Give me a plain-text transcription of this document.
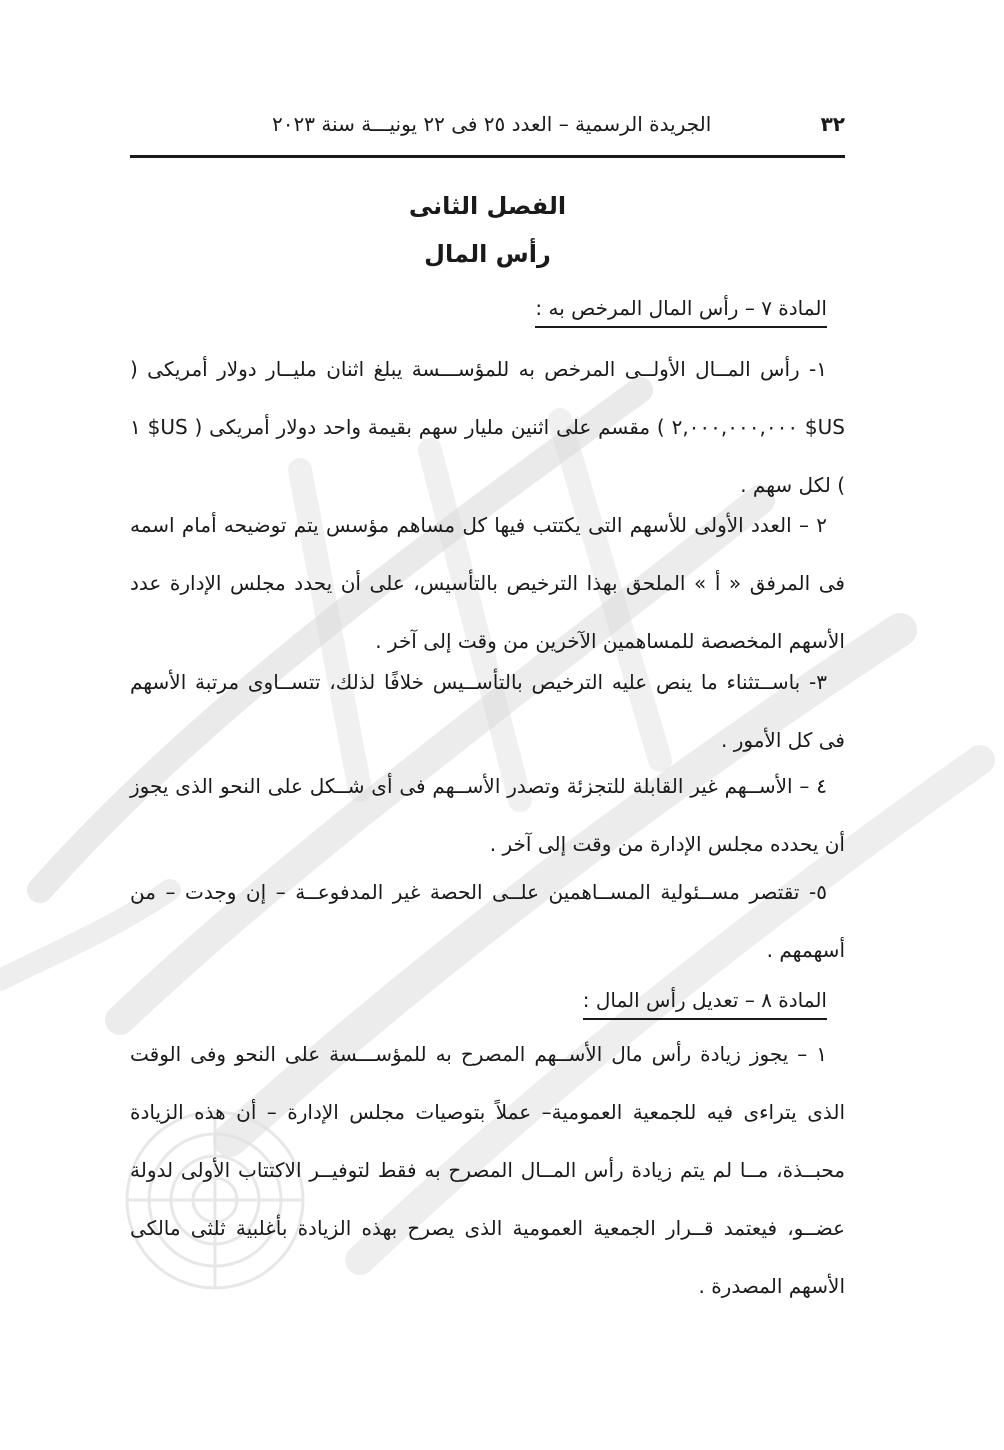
٣٢
الجريدة الرسمية – العدد ٢٥ فى ٢٢ يونيـــة سنة ٢٠٢٣
الفصل الثانى
رأس المال
المادة ٧ – رأس المال المرخص به :

١- رأس المــال الأولــى المرخص به للمؤســـسة يبلغ اثنان مليــار دولار أمريكى ( US$ ٢,٠٠٠,٠٠٠,٠٠٠ ) مقسم على اثنين مليار سهم بقيمة واحد دولار أمريكى ( US$ ١ ) لكل سهم .

٢ – العدد الأولى للأسهم التى يكتتب فيها كل مساهم مؤسس يتم توضيحه أمام اسمه فى المرفق « أ » الملحق بهذا الترخيص بالتأسيس، على أن يحدد مجلس الإدارة عدد الأسهم المخصصة للمساهمين الآخرين من وقت إلى آخر .

٣- باســتثناء ما ينص عليه الترخيص بالتأســيس خلافًا لذلك، تتســاوى مرتبة الأسهم فى كل الأمور .

٤ – الأســهم غير القابلة للتجزئة وتصدر الأســهم فى أى شــكل على النحو الذى يجوز أن يحدده مجلس الإدارة من وقت إلى آخر .

٥- تقتصر مســئولية المســاهمين علــى الحصة غير المدفوعــة – إن وجدت – من أسهمهم .

المادة ٨ – تعديل رأس المال :

١ – يجوز زيادة رأس مال الأســهم المصرح به للمؤســـسة على النحو وفى الوقت الذى يتراءى فيه للجمعية العمومية– عملاً بتوصيات مجلس الإدارة – أن هذه الزيادة محبــذة، مــا لم يتم زيادة رأس المــال المصرح به فقط لتوفيــر الاكتتاب الأولى لدولة عضــو، فيعتمد قــرار الجمعية العمومية الذى يصرح بهذه الزيادة بأغلبية ثلثى مالكى الأسهم المصدرة .
